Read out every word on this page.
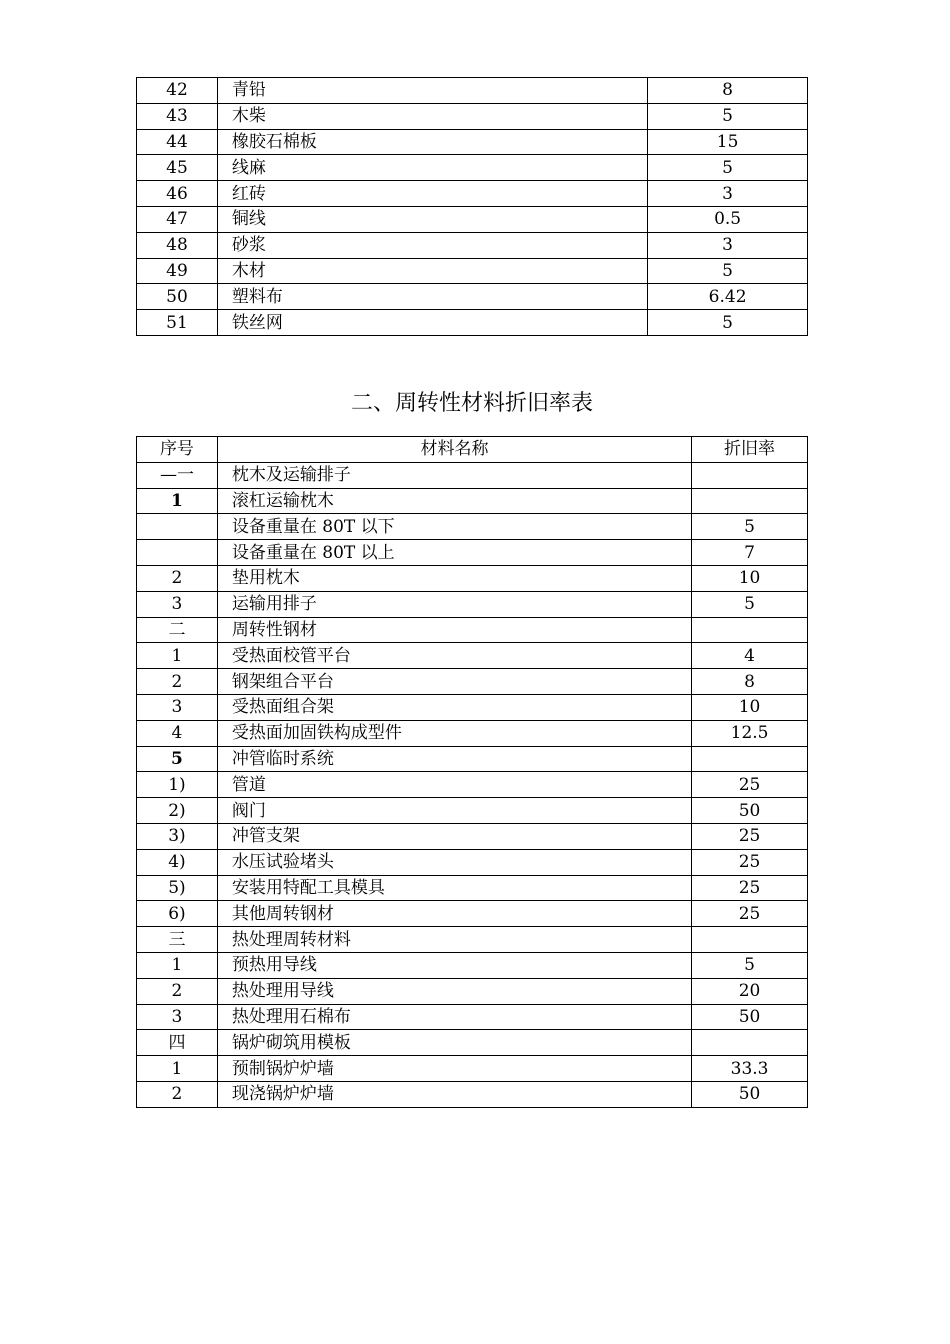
42	青铅	8
43	木柴	5
44	橡胶石棉板	15
45	线麻	5
46	红砖	3
47	铜线	0.5
48	砂浆	3
49	木材	5
50	塑料布	6.42
51	铁丝网	5
二、周转性材料折旧率表
序号	材料名称	折旧率
—一	枕木及运输排子	
1	滚杠运输枕木	
	设备重量在 80T 以下	5
	设备重量在 80T 以上	7
2	垫用枕木	10
3	运输用排子	5
二	周转性钢材	
1	受热面校管平台	4
2	钢架组合平台	8
3	受热面组合架	10
4	受热面加固铁构成型件	12.5
5	冲管临时系统	
1)	管道	25
2)	阀门	50
3)	冲管支架	25
4)	水压试验堵头	25
5)	安装用特配工具模具	25
6)	其他周转钢材	25
三	热处理周转材料	
1	预热用导线	5
2	热处理用导线	20
3	热处理用石棉布	50
四	锅炉砌筑用模板	
1	预制锅炉炉墙	33.3
2	现浇锅炉炉墙	50
